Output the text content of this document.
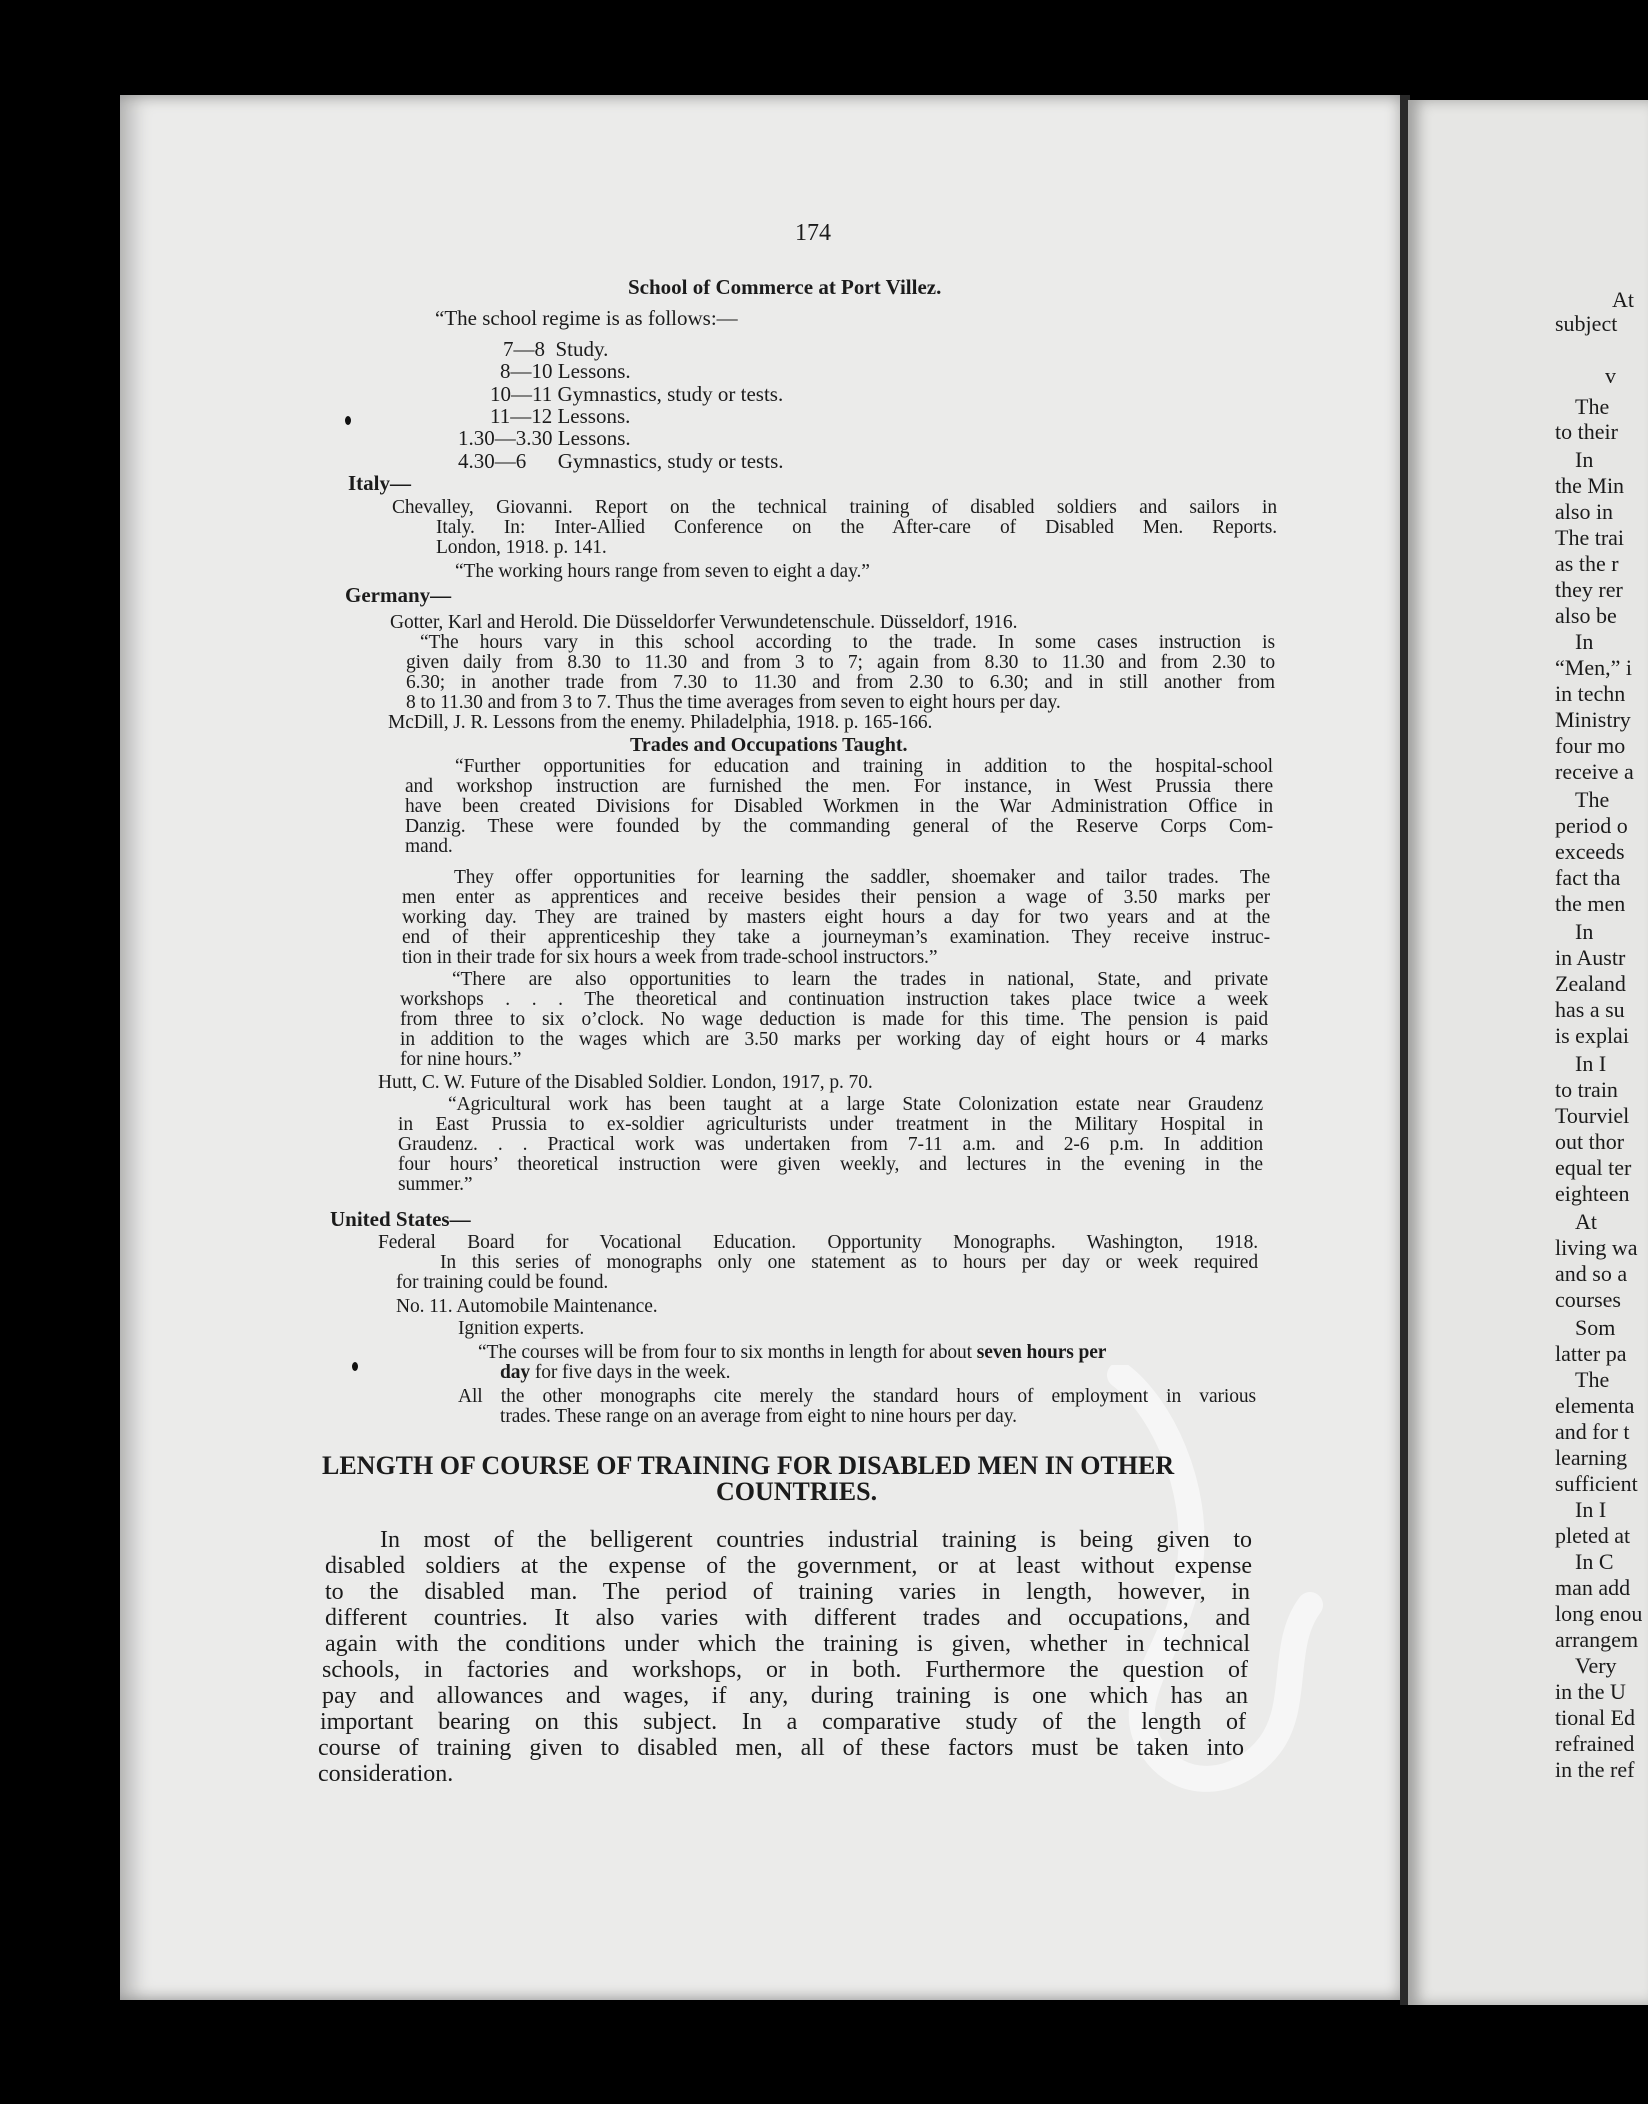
174
School of Commerce at Port Villez.
“The school regime is as follows:—
7—8 Study.
8—10 Lessons.
10—11 Gymnastics, study or tests.
11—12 Lessons.
1.30—3.30 Lessons.
4.30—6 Gymnastics, study or tests.
Italy—
Chevalley, Giovanni. Report on the technical training of disabled soldiers and sailors in
Italy. In: Inter-Allied Conference on the After-care of Disabled Men. Reports.
London, 1918. p. 141.
“The working hours range from seven to eight a day.”
Germany—
Gotter, Karl and Herold. Die Düsseldorfer Verwundetenschule. Düsseldorf, 1916.
“The hours vary in this school according to the trade. In some cases instruction is
given daily from 8.30 to 11.30 and from 3 to 7; again from 8.30 to 11.30 and from 2.30 to
6.30; in another trade from 7.30 to 11.30 and from 2.30 to 6.30; and in still another from
8 to 11.30 and from 3 to 7. Thus the time averages from seven to eight hours per day.
McDill, J. R. Lessons from the enemy. Philadelphia, 1918. p. 165-166.
Trades and Occupations Taught.
“Further opportunities for education and training in addition to the hospital-school
and workshop instruction are furnished the men. For instance, in West Prussia there
have been created Divisions for Disabled Workmen in the War Administration Office in
Danzig. These were founded by the commanding general of the Reserve Corps Com-
mand.
They offer opportunities for learning the saddler, shoemaker and tailor trades. The
men enter as apprentices and receive besides their pension a wage of 3.50 marks per
working day. They are trained by masters eight hours a day for two years and at the
end of their apprenticeship they take a journeyman’s examination. They receive instruc-
tion in their trade for six hours a week from trade-school instructors.”
“There are also opportunities to learn the trades in national, State, and private
workshops . . . The theoretical and continuation instruction takes place twice a week
from three to six o’clock. No wage deduction is made for this time. The pension is paid
in addition to the wages which are 3.50 marks per working day of eight hours or 4 marks
for nine hours.”
Hutt, C. W. Future of the Disabled Soldier. London, 1917, p. 70.
“Agricultural work has been taught at a large State Colonization estate near Graudenz
in East Prussia to ex-soldier agriculturists under treatment in the Military Hospital in
Graudenz. . . Practical work was undertaken from 7-11 a.m. and 2-6 p.m. In addition
four hours’ theoretical instruction were given weekly, and lectures in the evening in the
summer.”
United States—
Federal Board for Vocational Education. Opportunity Monographs. Washington, 1918.
In this series of monographs only one statement as to hours per day or week required
for training could be found.
No. 11. Automobile Maintenance.
Ignition experts.
“The courses will be from four to six months in length for about seven hours per
day for five days in the week.
All the other monographs cite merely the standard hours of employment in various
trades. These range on an average from eight to nine hours per day.
LENGTH OF COURSE OF TRAINING FOR DISABLED MEN IN OTHER
COUNTRIES.
In most of the belligerent countries industrial training is being given to
disabled soldiers at the expense of the government, or at least without expense
to the disabled man. The period of training varies in length, however, in
different countries. It also varies with different trades and occupations, and
again with the conditions under which the training is given, whether in technical
schools, in factories and workshops, or in both. Furthermore the question of
pay and allowances and wages, if any, during training is one which has an
important bearing on this subject. In a comparative study of the length of
course of training given to disabled men, all of these factors must be taken into
consideration.
At
subject
v
The
to their
In
the Min
also in
The trai
as the r
they rer
also be
In
“Men,” i
in techn
Ministry
four mo
receive a
The
period o
exceeds
fact tha
the men
In
in Austr
Zealand
has a su
is explai
In I
to train
Tourviel
out thor
equal ter
eighteen
At
living wa
and so a
courses
Som
latter pa
The
elementa
and for t
learning
sufficient
In I
pleted at
In C
man add
long enou
arrangem
Very
in the U
tional Ed
refrained
in the ref
